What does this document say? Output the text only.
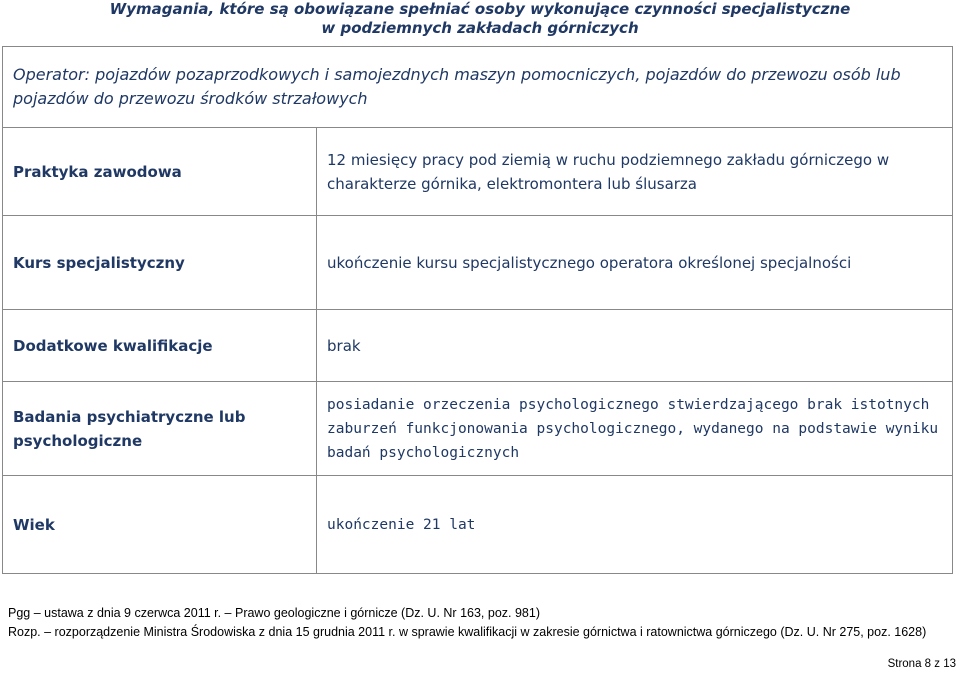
Wymagania, które są obowiązane spełniać osoby wykonujące czynności specjalistyczne
w podziemnych zakładach górniczych
Operator: pojazdów pozaprzodkowych i samojezdnych maszyn pomocniczych, pojazdów do przewozu osób lub pojazdów do przewozu środków strzałowych	
Praktyka zawodowa	12 miesięcy pracy pod ziemią w ruchu podziemnego zakładu górniczego w charakterze górnika, elektromontera lub ślusarza
Kurs specjalistyczny	ukończenie kursu specjalistycznego operatora określonej specjalności
Dodatkowe kwalifikacje	brak
Badania psychiatryczne lub psychologiczne	posiadanie orzeczenia psychologicznego stwierdzającego brak istotnych zaburzeń funkcjonowania psychologicznego, wydanego na podstawie wyniku badań psychologicznych
Wiek	ukończenie 21 lat
Pgg – ustawa z dnia 9 czerwca 2011 r. – Prawo geologiczne i górnicze (Dz. U. Nr 163, poz. 981)
Rozp. – rozporządzenie Ministra Środowiska z dnia 15 grudnia 2011 r. w sprawie kwalifikacji w zakresie górnictwa i ratownictwa górniczego (Dz. U. Nr 275, poz. 1628)
Strona 8 z 13
